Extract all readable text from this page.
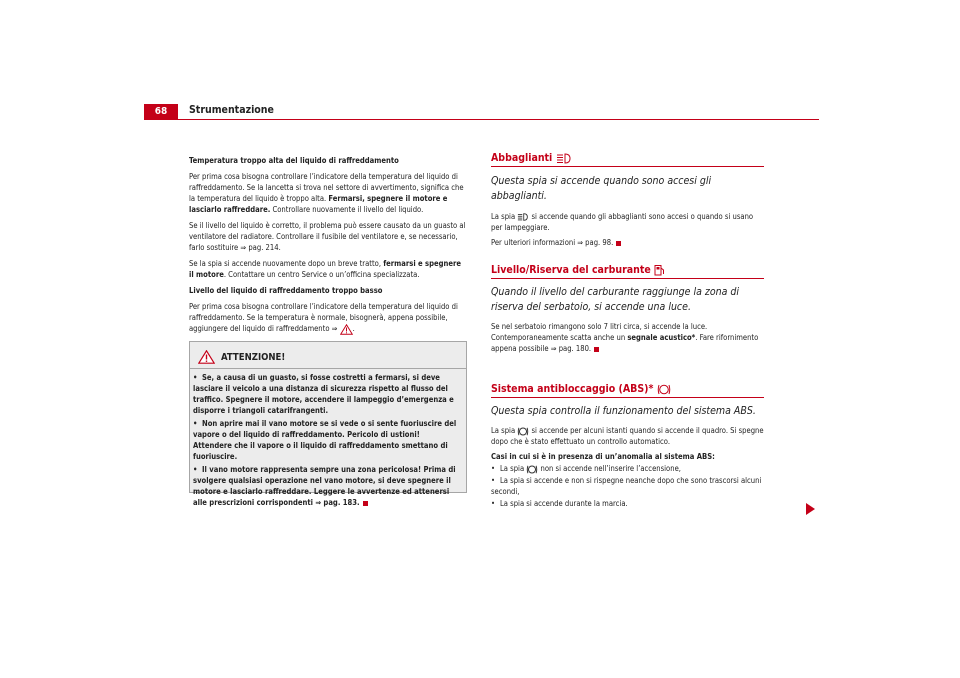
68	Strumentazione

Temperatura troppo alta del liquido di raffreddamento

Per prima cosa bisogna controllare l’indicatore della temperatura del liquido di raffreddamento. Se la lancetta si trova nel settore di avvertimento, significa che la temperatura del liquido è troppo alta. Fermarsi, spegnere il motore e lasciarlo raffreddare. Controllare nuovamente il livello del liquido.

Se il livello del liquido è corretto, il problema può essere causato da un guasto al ventilatore del radiatore. Controllare il fusibile del ventilatore e, se necessario, farlo sostituire ⇒ pag. 214.

Se la spia si accende nuovamente dopo un breve tratto, fermarsi e spegnere il motore. Contattare un centro Service o un’officina specializzata.

Livello del liquido di raffreddamento troppo basso

Per prima cosa bisogna controllare l’indicatore della temperatura del liquido di raffreddamento. Se la temperatura è normale, bisognerà, appena possibile, aggiungere del liquido di raffreddamento ⇒ .

ATTENZIONE!
• Se, a causa di un guasto, si fosse costretti a fermarsi, si deve lasciare il veicolo a una distanza di sicurezza rispetto al flusso del traffico. Spegnere il motore, accendere il lampeggio d’emergenza e disporre i triangoli catarifrangenti.
• Non aprire mai il vano motore se si vede o si sente fuoriuscire del vapore o del liquido di raffreddamento. Pericolo di ustioni! Attendere che il vapore o il liquido di raffreddamento smettano di fuoriuscire.
• Il vano motore rappresenta sempre una zona pericolosa! Prima di svolgere qualsiasi operazione nel vano motore, si deve spegnere il motore e lasciarlo raffreddare. Leggere le avvertenze ed attenersi alle prescrizioni corrispondenti ⇒ pag. 183.
Abbaglianti
Questa spia si accende quando sono accesi gli abbaglianti.

La spia si accende quando gli abbaglianti sono accesi o quando si usano per lampeggiare.

Per ulteriori informazioni ⇒ pag. 98.

Livello/Riserva del carburante
Quando il livello del carburante raggiunge la zona di riserva del serbatoio, si accende una luce.

Se nel serbatoio rimangono solo 7 litri circa, si accende la luce. Contemporaneamente scatta anche un segnale acustico*. Fare rifornimento appena possibile ⇒ pag. 180.

Sistema antibloccaggio (ABS)*
Questa spia controlla il funzionamento del sistema ABS.

La spia si accende per alcuni istanti quando si accende il quadro. Si spegne dopo che è stato effettuato un controllo automatico.

Casi in cui si è in presenza di un’anomalia al sistema ABS:

• La spia non si accende nell’inserire l’accensione,

• La spia si accende e non si rispegne neanche dopo che sono trascorsi alcuni secondi,

• La spia si accende durante la marcia.
